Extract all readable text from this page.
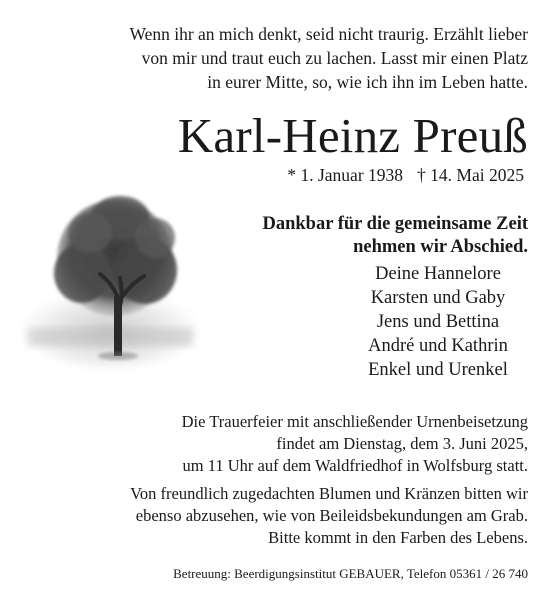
Wenn ihr an mich denkt, seid nicht traurig. Erzählt lieber
von mir und traut euch zu lachen. Lasst mir einen Platz
in eurer Mitte, so, wie ich ihn im Leben hatte.
Karl-Heinz Preuß
* 1. Januar 1938 † 14. Mai 2025
Dankbar für die gemeinsame Zeit
nehmen wir Abschied.
Deine Hannelore
Karsten und Gaby
Jens und Bettina
André und Kathrin
Enkel und Urenkel
Die Trauerfeier mit anschließender Urnenbeisetzung
findet am Dienstag, dem 3. Juni 2025,
um 11 Uhr auf dem Waldfriedhof in Wolfsburg statt.
Von freundlich zugedachten Blumen und Kränzen bitten wir
ebenso abzusehen, wie von Beileidsbekundungen am Grab.
Bitte kommt in den Farben des Lebens.
Betreuung: Beerdigungsinstitut GEBAUER, Telefon 05361 / 26 740
